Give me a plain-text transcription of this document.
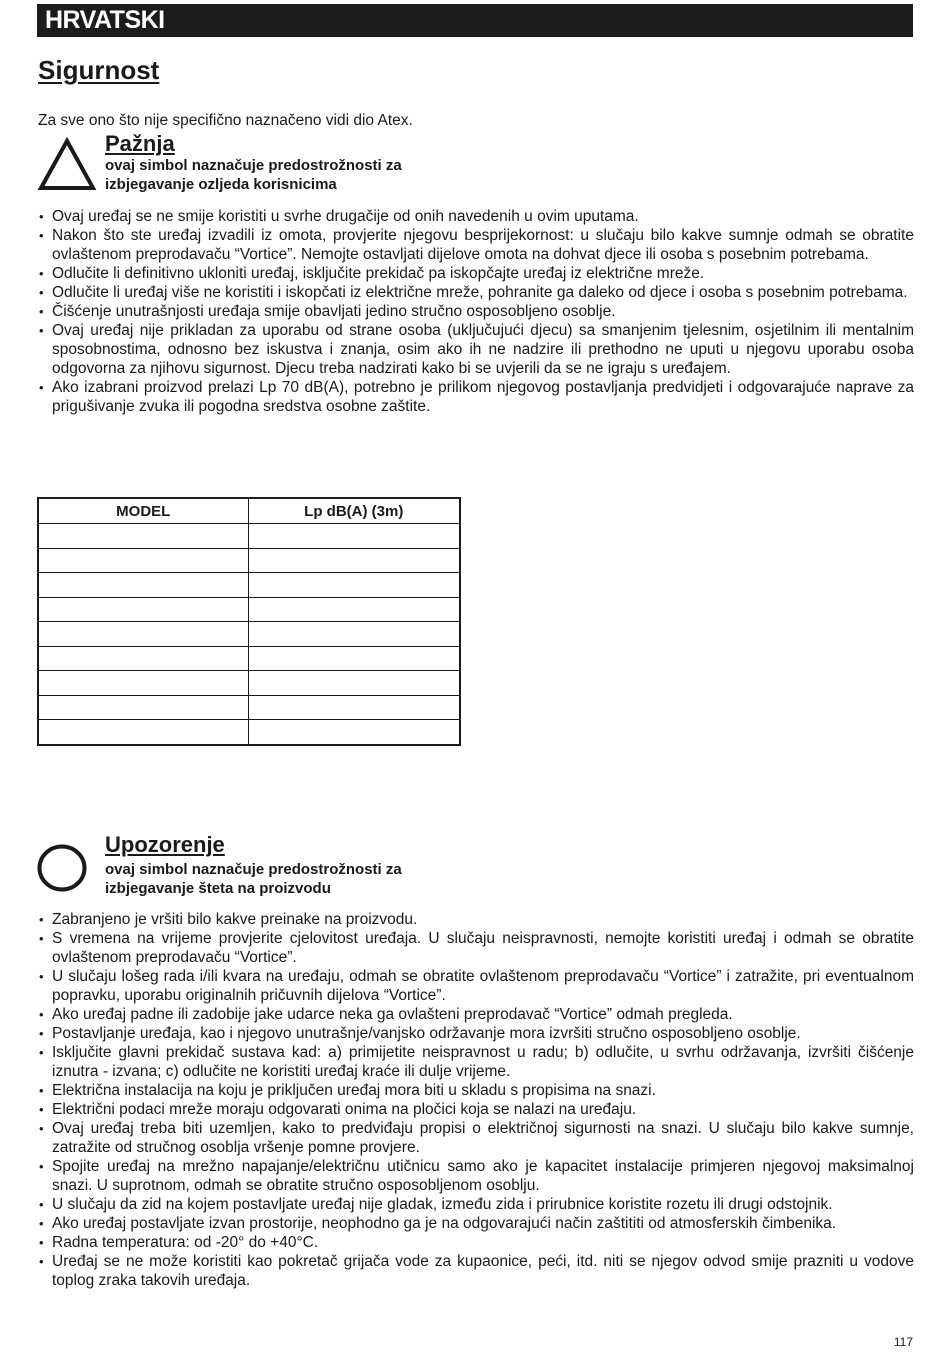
HRVATSKI
Sigurnost
Za sve ono što nije specifično naznačeno vidi dio Atex.
Pažnja
ovaj simbol naznačuje predostrožnosti za
izbjegavanje ozljeda korisnicima
• Ovaj uređaj se ne smije koristiti u svrhe drugačije od onih navedenih u ovim uputama.
• Nakon što ste uređaj izvadili iz omota, provjerite njegovu besprijekornost: u slučaju bilo kakve sumnje odmah se obratite ovlaštenom preprodavaču “Vortice”. Nemojte ostavljati dijelove omota na dohvat djece ili osoba s posebnim potrebama.
• Odlučite li definitivno ukloniti uređaj, isključite prekidač pa iskopčajte uređaj iz električne mreže.
• Odlučite li uređaj više ne koristiti i iskopčati iz električne mreže, pohranite ga daleko od djece i osoba s posebnim potrebama.
• Čišćenje unutrašnjosti uređaja smije obavljati jedino stručno osposobljeno osoblje.
• Ovaj uređaj nije prikladan za uporabu od strane osoba (uključujući djecu) sa smanjenim tjelesnim, osjetilnim ili mentalnim sposobnostima, odnosno bez iskustva i znanja, osim ako ih ne nadzire ili prethodno ne uputi u njegovu uporabu osoba odgovorna za njihovu sigurnost. Djecu treba nadzirati kako bi se uvjerili da se ne igraju s uređajem.
• Ako izabrani proizvod prelazi Lp 70 dB(A), potrebno je prilikom njegovog postavljanja predvidjeti i odgovarajuće naprave za prigušivanje zvuka ili pogodna sredstva osobne zaštite.
MODEL	Lp dB(A) (3m)

Upozorenje
ovaj simbol naznačuje predostrožnosti za
izbjegavanje šteta na proizvodu
• Zabranjeno je vršiti bilo kakve preinake na proizvodu.
• S vremena na vrijeme provjerite cjelovitost uređaja. U slučaju neispravnosti, nemojte koristiti uređaj i odmah se obratite ovlaštenom preprodavaču “Vortice”.
• U slučaju lošeg rada i/ili kvara na uređaju, odmah se obratite ovlaštenom preprodavaču “Vortice” i zatražite, pri eventualnom popravku, uporabu originalnih pričuvnih dijelova “Vortice”.
• Ako uređaj padne ili zadobije jake udarce neka ga ovlašteni preprodavač “Vortice” odmah pregleda.
• Postavljanje uređaja, kao i njegovo unutrašnje/vanjsko održavanje mora izvršiti stručno osposobljeno osoblje.
• Isključite glavni prekidač sustava kad: a) primijetite neispravnost u radu; b) odlučite, u svrhu održavanja, izvršiti čišćenje iznutra - izvana; c) odlučite ne koristiti uređaj kraće ili dulje vrijeme.
• Električna instalacija na koju je priključen uređaj mora biti u skladu s propisima na snazi.
• Električni podaci mreže moraju odgovarati onima na pločici koja se nalazi na uređaju.
• Ovaj uređaj treba biti uzemljen, kako to predviđaju propisi o električnoj sigurnosti na snazi. U slučaju bilo kakve sumnje, zatražite od stručnog osoblja vršenje pomne provjere.
• Spojite uređaj na mrežno napajanje/električnu utičnicu samo ako je kapacitet instalacije primjeren njegovoj maksimalnoj snazi. U suprotnom, odmah se obratite stručno osposobljenom osoblju.
• U slučaju da zid na kojem postavljate uređaj nije gladak, između zida i prirubnice koristite rozetu ili drugi odstojnik.
• Ako uređaj postavljate izvan prostorije, neophodno ga je na odgovarajući način zaštititi od atmosferskih čimbenika.
• Radna temperatura: od -20° do +40°C.
• Uređaj se ne može koristiti kao pokretač grijača vode za kupaonice, peći, itd. niti se njegov odvod smije prazniti u vodove toplog zraka takovih uređaja.
117
